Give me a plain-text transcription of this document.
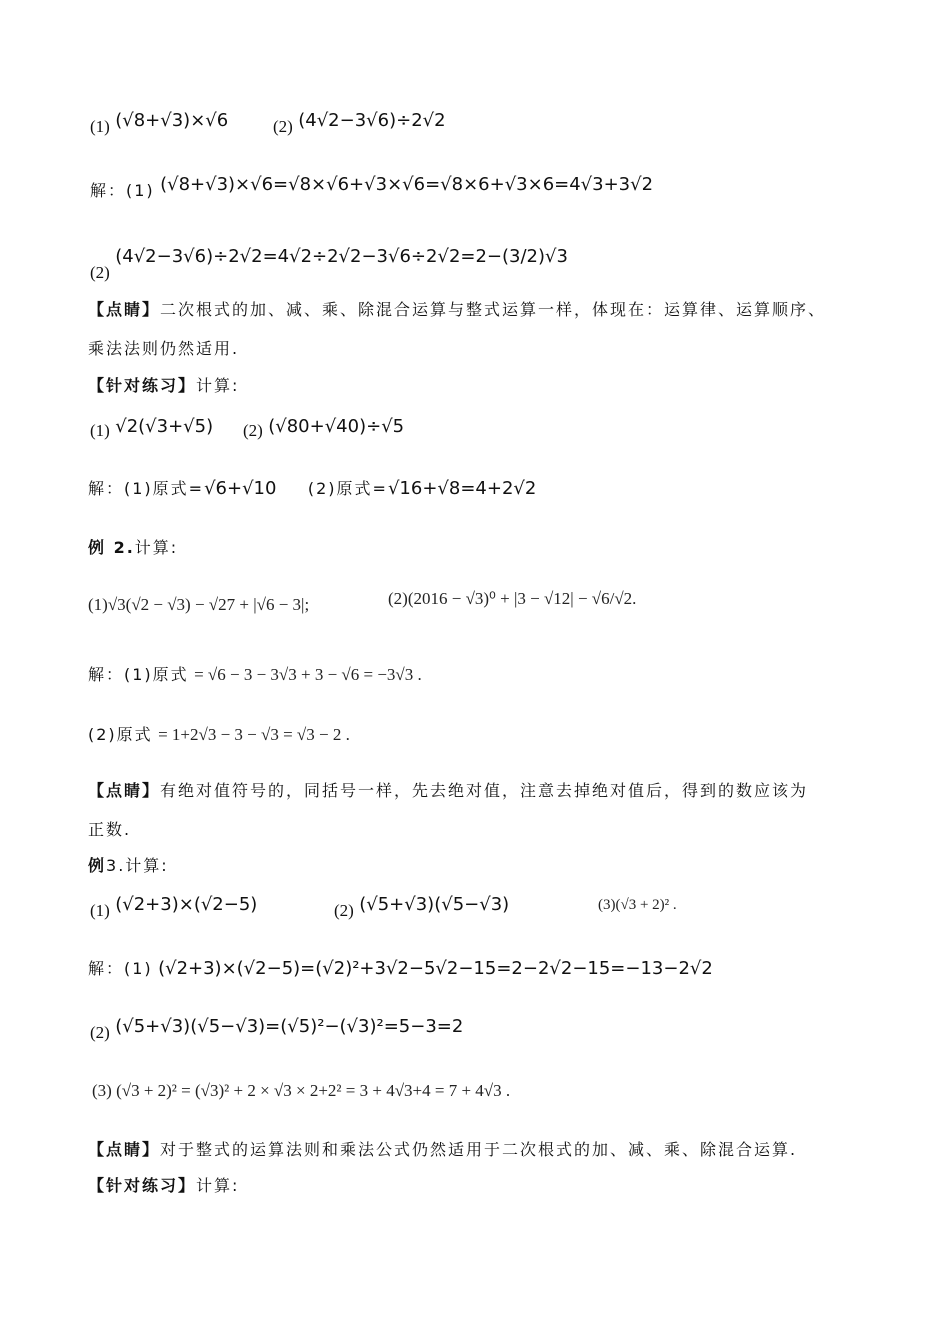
(1) (√8+√3)×√6	(2) (4√2−3√6)÷2√2
解：(1) (√8+√3)×√6=√8×√6+√3×√6=√8×6+√3×6=4√3+3√2
(2) (4√2−3√6)÷2√2=4√2÷2√2−3√6÷2√2=2−(3/2)√3
【点睛】二次根式的加、减、乘、除混合运算与整式运算一样，体现在：运算律、运算顺序、
乘法法则仍然适用.
【针对练习】计算:
(1) √2(√3+√5) (2) (√80+√40)÷√5
解：(1)原式=√6+√10 (2)原式=√16+√8=4+2√2
例 2.计算:
(1)√3(√2 − √3) − √27 + |√6 − 3|;	(2)(2016 − √3)⁰ + |3 − √12| − √6/√2.
解：(1)原式 = √6 − 3 − 3√3 + 3 − √6 = −3√3 .
(2)原式 = 1+2√3 − 3 − √3 = √3 − 2 .
【点睛】有绝对值符号的，同括号一样，先去绝对值，注意去掉绝对值后，得到的数应该为
正数.
例3.计算:
(1) (√2+3)×(√2−5)	(2) (√5+√3)(√5−√3)	(3)(√3 + 2)² .
解：(1) (√2+3)×(√2−5)=(√2)²+3√2−5√2−15=2−2√2−15=−13−2√2
(2) (√5+√3)(√5−√3)=(√5)²−(√3)²=5−3=2
(3) (√3 + 2)² = (√3)² + 2 × √3 × 2+2² = 3 + 4√3+4 = 7 + 4√3 .
【点睛】对于整式的运算法则和乘法公式仍然适用于二次根式的加、减、乘、除混合运算.
【针对练习】计算:
